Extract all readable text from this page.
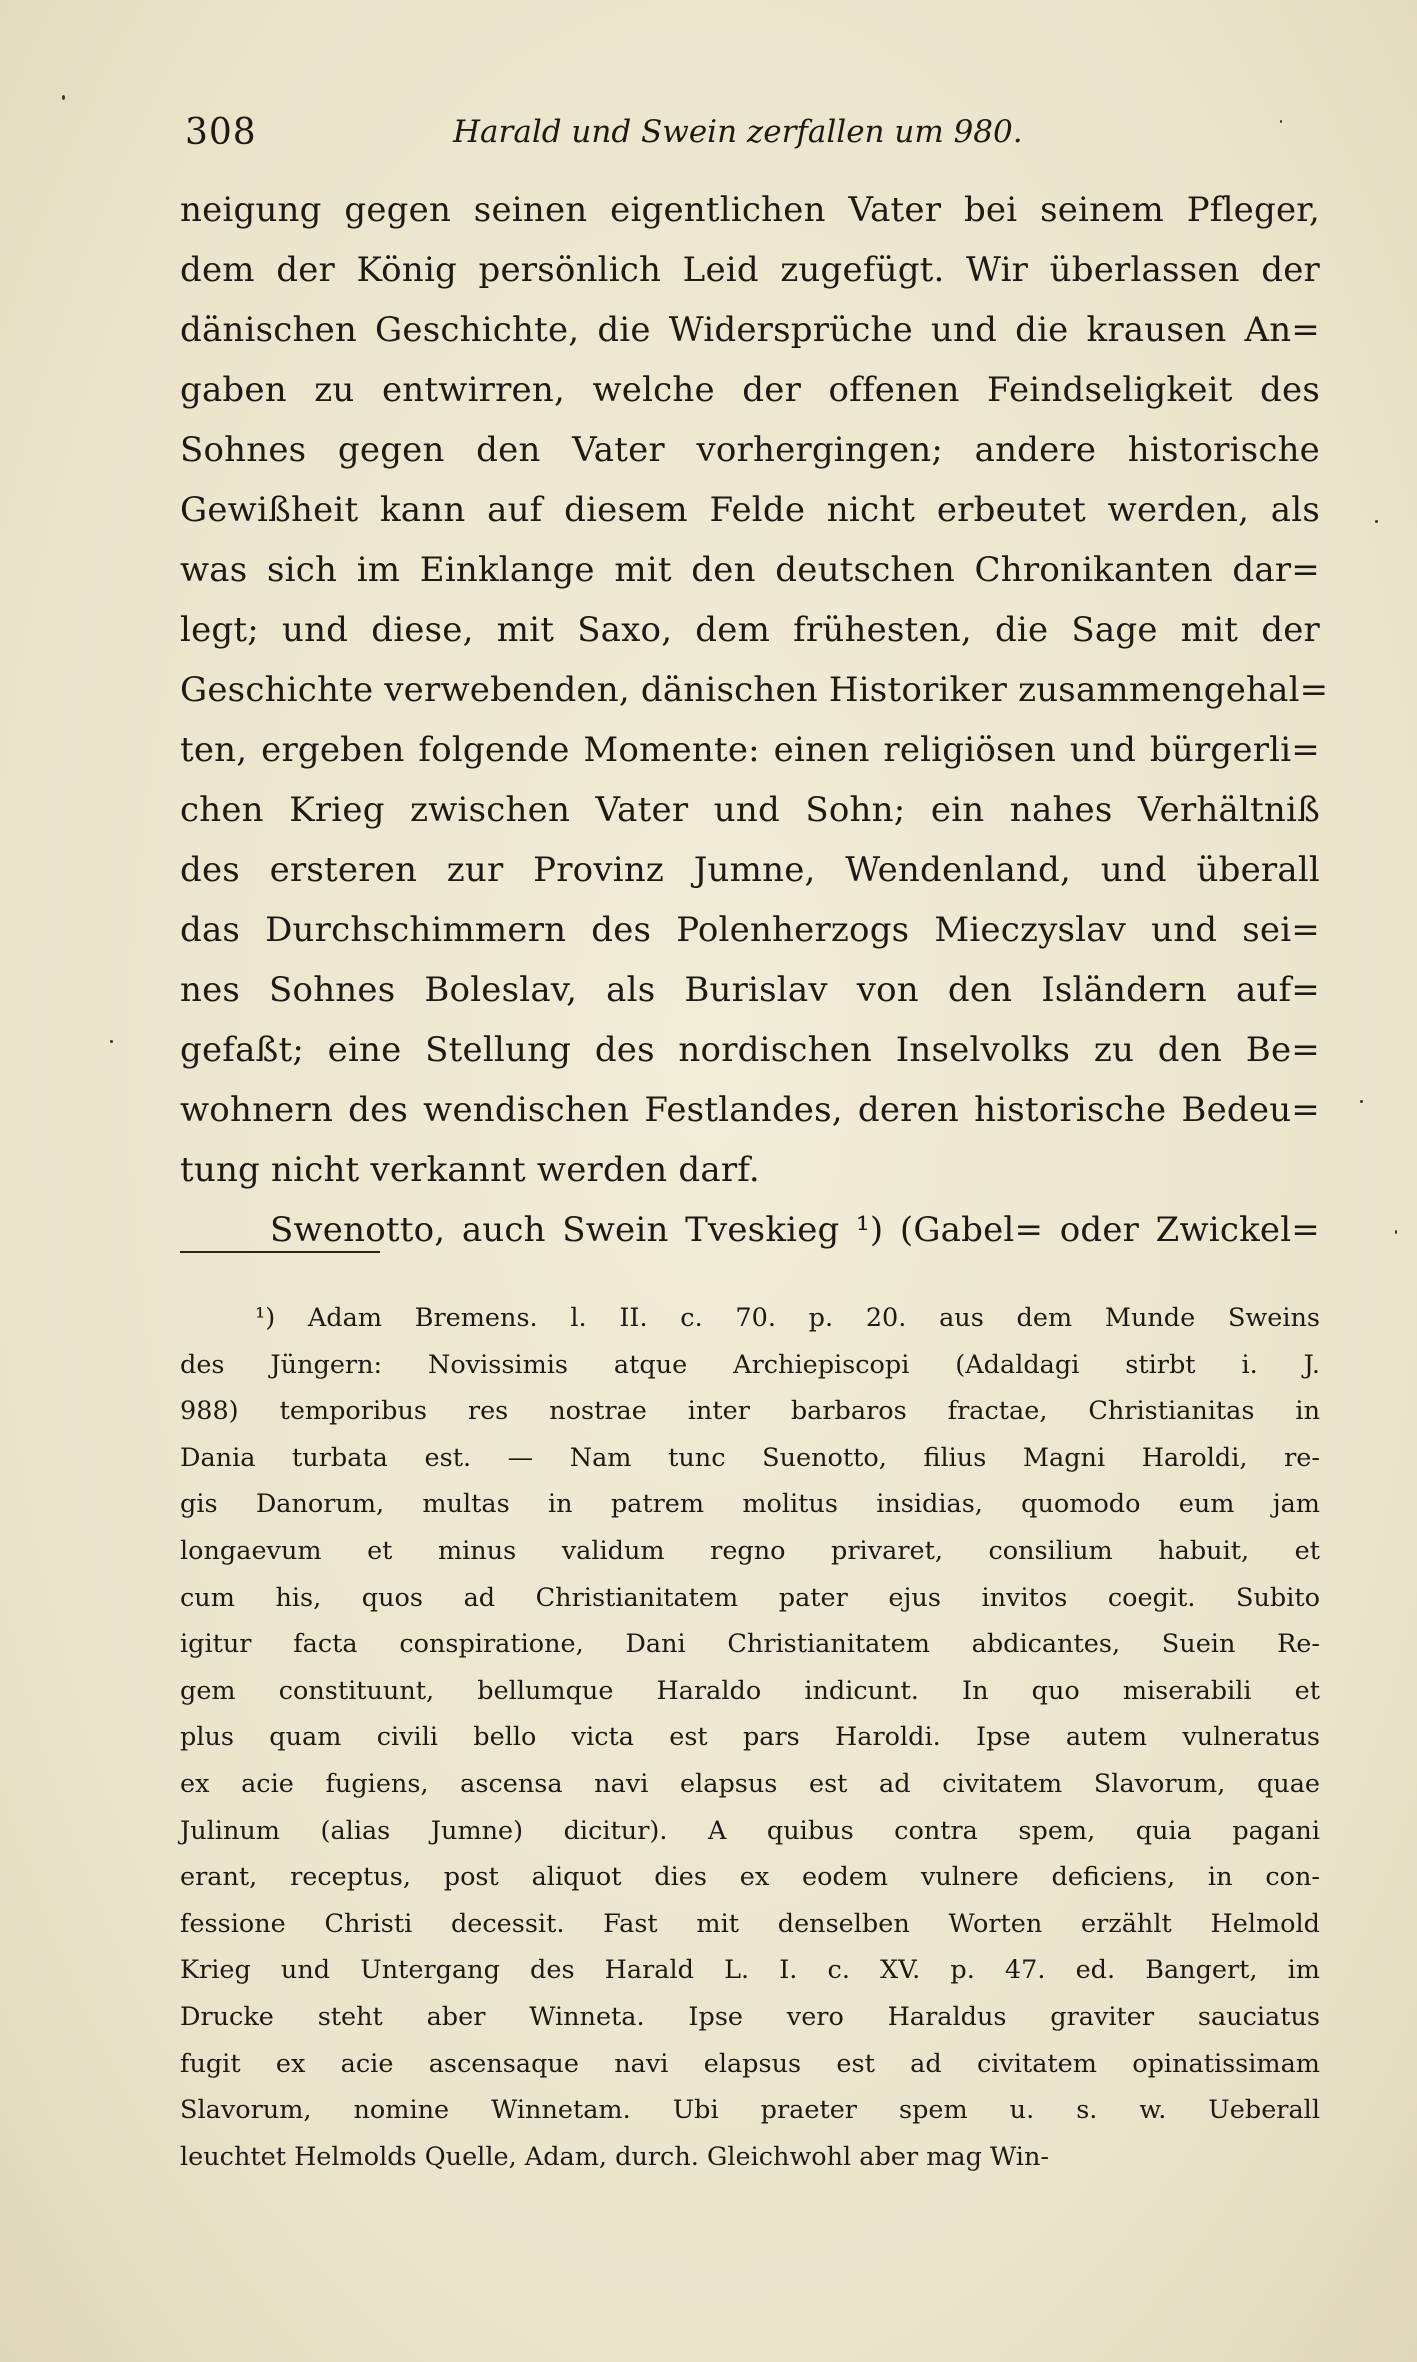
308	Harald und Swein zerfallen um 980.
neigung gegen seinen eigentlichen Vater bei seinem Pfleger,
dem der König persönlich Leid zugefügt. Wir überlassen der
dänischen Geschichte, die Widersprüche und die krausen An=
gaben zu entwirren, welche der offenen Feindseligkeit des
Sohnes gegen den Vater vorhergingen; andere historische
Gewißheit kann auf diesem Felde nicht erbeutet werden, als
was sich im Einklange mit den deutschen Chronikanten dar=
legt; und diese, mit Saxo, dem frühesten, die Sage mit der
Geschichte verwebenden, dänischen Historiker zusammengehal=
ten, ergeben folgende Momente: einen religiösen und bürgerli=
chen Krieg zwischen Vater und Sohn; ein nahes Verhältniß
des ersteren zur Provinz Jumne, Wendenland, und überall
das Durchschimmern des Polenherzogs Mieczyslav und sei=
nes Sohnes Boleslav, als Burislav von den Isländern auf=
gefaßt; eine Stellung des nordischen Inselvolks zu den Be=
wohnern des wendischen Festlandes, deren historische Bedeu=
tung nicht verkannt werden darf.
Swenotto, auch Swein Tveskieg ¹) (Gabel= oder Zwickel=
¹) Adam Bremens. l. II. c. 70. p. 20. aus dem Munde Sweins
des Jüngern: Novissimis atque Archiepiscopi (Adaldagi stirbt i. J.
988) temporibus res nostrae inter barbaros fractae, Christianitas in
Dania turbata est. — Nam tunc Suenotto, filius Magni Haroldi, re-
gis Danorum, multas in patrem molitus insidias, quomodo eum jam
longaevum et minus validum regno privaret, consilium habuit, et
cum his, quos ad Christianitatem pater ejus invitos coegit. Subito
igitur facta conspiratione, Dani Christianitatem abdicantes, Suein Re-
gem constituunt, bellumque Haraldo indicunt. In quo miserabili et
plus quam civili bello victa est pars Haroldi. Ipse autem vulneratus
ex acie fugiens, ascensa navi elapsus est ad civitatem Slavorum, quae
Julinum (alias Jumne) dicitur). A quibus contra spem, quia pagani
erant, receptus, post aliquot dies ex eodem vulnere deficiens, in con-
fessione Christi decessit. Fast mit denselben Worten erzählt Helmold
Krieg und Untergang des Harald L. I. c. XV. p. 47. ed. Bangert, im
Drucke steht aber Winneta. Ipse vero Haraldus graviter sauciatus
fugit ex acie ascensaque navi elapsus est ad civitatem opinatissimam
Slavorum, nomine Winnetam. Ubi praeter spem u. s. w. Ueberall
leuchtet Helmolds Quelle, Adam, durch. Gleichwohl aber mag Win-
